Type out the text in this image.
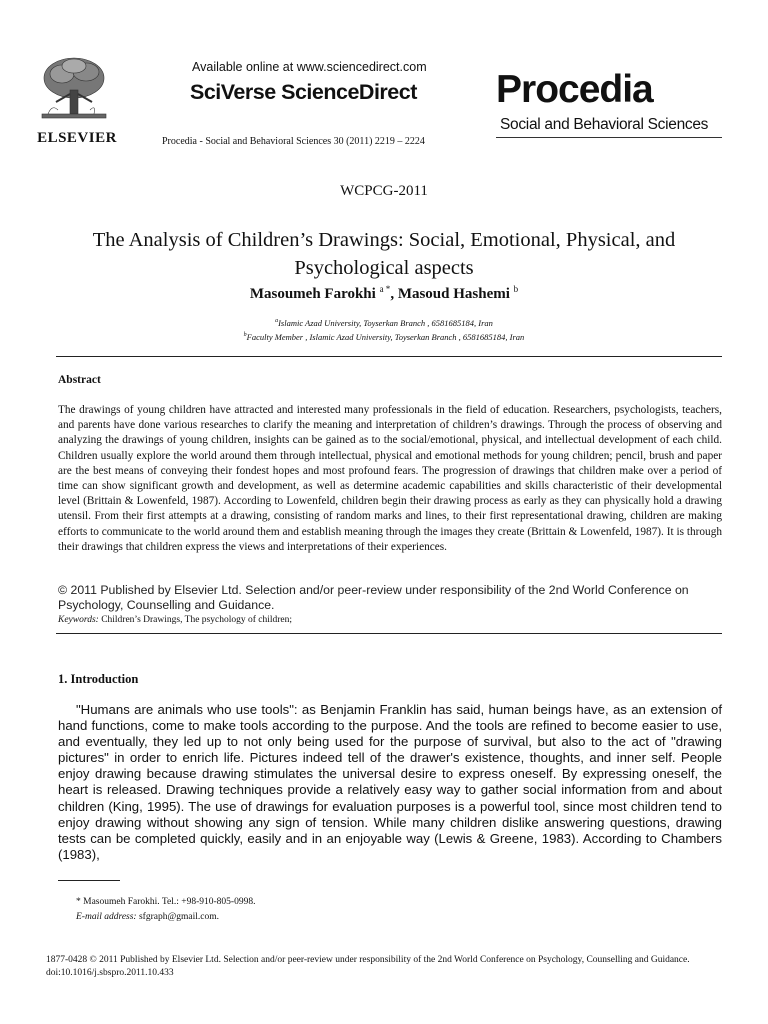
ELSEVIER
Available online at www.sciencedirect.com
SciVerse ScienceDirect
Procedia - Social and Behavioral Sciences 30 (2011) 2219 – 2224
Procedia
Social and Behavioral Sciences
WCPCG-2011
The Analysis of Children’s Drawings: Social, Emotional, Physical, and Psychological aspects
Masoumeh Farokhi $^{a *}$, Masoud Hashemi $^b$
$^a$Islamic Azad University, Toyserkan Branch , 6581685184, Iran
$^b$Faculty Member , Islamic Azad University, Toyserkan Branch , 6581685184, Iran
Abstract
The drawings of young children have attracted and interested many professionals in the field of education. Researchers, psychologists, teachers, and parents have done various researches to clarify the meaning and interpretation of children’s drawings. Through the process of observing and analyzing the drawings of young children, insights can be gained as to the social/emotional, physical, and intellectual development of each child. Children usually explore the world around them through intellectual, physical and emotional methods for young children; pencil, brush and paper are the best means of conveying their fondest hopes and most profound fears. The progression of drawings that children make over a period of time can show significant growth and development, as well as determine academic capabilities and skills characteristic of their developmental level (Brittain & Lowenfeld, 1987). According to Lowenfeld, children begin their drawing process as early as they can physically hold a drawing utensil. From their first attempts at a drawing, consisting of random marks and lines, to their first representational drawing, children are making efforts to communicate to the world around them and establish meaning through the images they create (Brittain & Lowenfeld, 1987). It is through their drawings that children express the views and interpretations of their experiences.
© 2011 Published by Elsevier Ltd. Selection and/or peer-review under responsibility of the 2nd World Conference on Psychology, Counselling and Guidance.
Keywords: Children’s Drawings, The psychology of children;
1. Introduction
"Humans are animals who use tools": as Benjamin Franklin has said, human beings have, as an extension of hand functions, come to make tools according to the purpose. And the tools are refined to become easier to use, and eventually, they led up to not only being used for the purpose of survival, but also to the act of "drawing pictures" in order to enrich life. Pictures indeed tell of the drawer's existence, thoughts, and inner self. People enjoy drawing because drawing stimulates the universal desire to express oneself. By expressing oneself, the heart is released. Drawing techniques provide a relatively easy way to gather social information from and about children (King, 1995). The use of drawings for evaluation purposes is a powerful tool, since most children tend to enjoy drawing without showing any sign of tension. While many children dislike answering questions, drawing tests can be completed quickly, easily and in an enjoyable way (Lewis & Greene, 1983). According to Chambers (1983),
* Masoumeh Farokhi. Tel.: +98-910-805-0998.
E-mail address: sfgraph@gmail.com.
1877-0428 © 2011 Published by Elsevier Ltd. Selection and/or peer-review under responsibility of the 2nd World Conference on Psychology, Counselling and Guidance.
doi:10.1016/j.sbspro.2011.10.433
